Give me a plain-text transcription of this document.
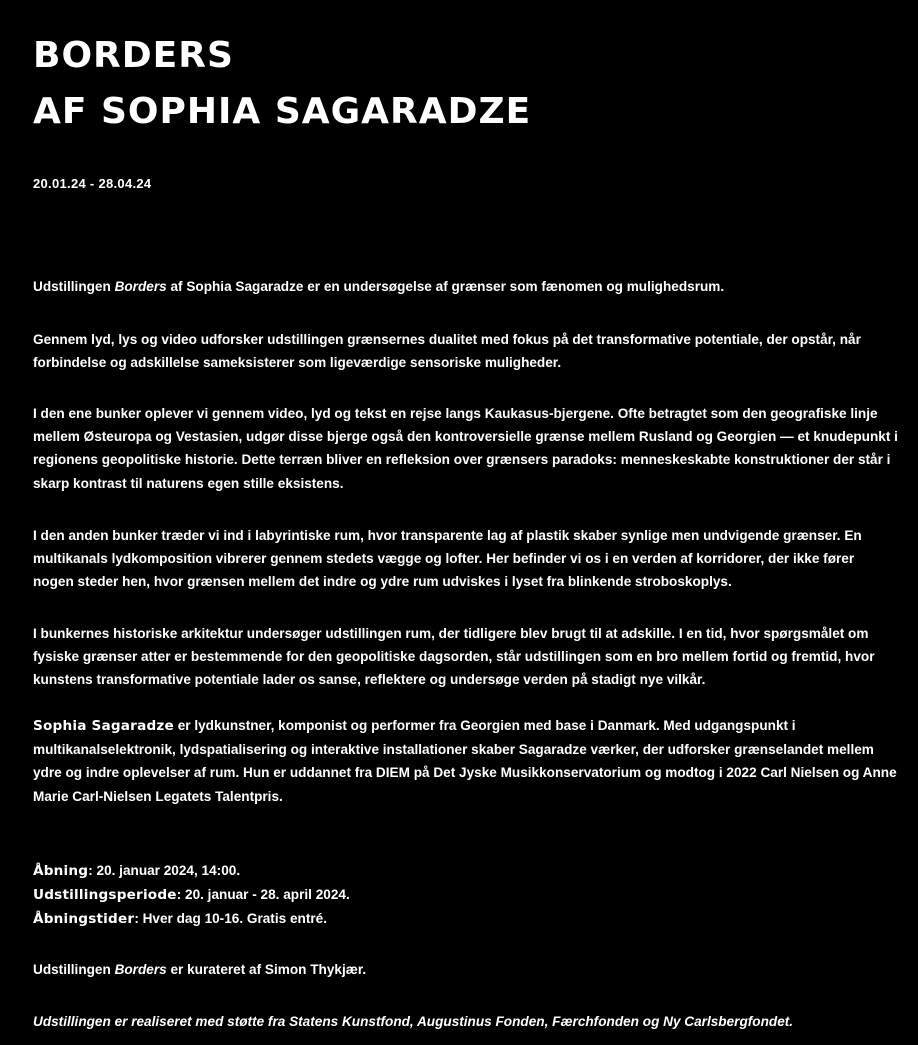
BORDERS
AF SOPHIA SAGARADZE
20.01.24 - 28.04.24

Udstillingen Borders af Sophia Sagaradze er en undersøgelse af grænser som fænomen og mulighedsrum.

Gennem lyd, lys og video udforsker udstillingen grænsernes dualitet med fokus på det transformative potentiale, der opstår, når forbindelse og adskillelse sameksisterer som ligeværdige sensoriske muligheder.

I den ene bunker oplever vi gennem video, lyd og tekst en rejse langs Kaukasus-bjergene. Ofte betragtet som den geografiske linje mellem Østeuropa og Vestasien, udgør disse bjerge også den kontroversielle grænse mellem Rusland og Georgien — et knudepunkt i regionens geopolitiske historie. Dette terræn bliver en refleksion over grænsers paradoks: menneskeskabte konstruktioner der står i skarp kontrast til naturens egen stille eksistens.

I den anden bunker træder vi ind i labyrintiske rum, hvor transparente lag af plastik skaber synlige men undvigende grænser. En multikanals lydkomposition vibrerer gennem stedets vægge og lofter. Her befinder vi os i en verden af korridorer, der ikke fører nogen steder hen, hvor grænsen mellem det indre og ydre rum udviskes i lyset fra blinkende stroboskoplys.

I bunkernes historiske arkitektur undersøger udstillingen rum, der tidligere blev brugt til at adskille. I en tid, hvor spørgsmålet om fysiske grænser atter er bestemmende for den geopolitiske dagsorden, står udstillingen som en bro mellem fortid og fremtid, hvor kunstens transformative potentiale lader os sanse, reflektere og undersøge verden på stadigt nye vilkår.

Sophia Sagaradze er lydkunstner, komponist og performer fra Georgien med base i Danmark. Med udgangspunkt i multikanalselektronik, lydspatialisering og interaktive installationer skaber Sagaradze værker, der udforsker grænselandet mellem ydre og indre oplevelser af rum. Hun er uddannet fra DIEM på Det Jyske Musikkonservatorium og modtog i 2022 Carl Nielsen og Anne Marie Carl-Nielsen Legatets Talentpris.

Åbning: 20. januar 2024, 14:00.

Udstillingsperiode: 20. januar - 28. april 2024.

Åbningstider: Hver dag 10-16. Gratis entré.

Udstillingen Borders er kurateret af Simon Thykjær.

Udstillingen er realiseret med støtte fra Statens Kunstfond, Augustinus Fonden, Færchfonden og Ny Carlsbergfondet.
